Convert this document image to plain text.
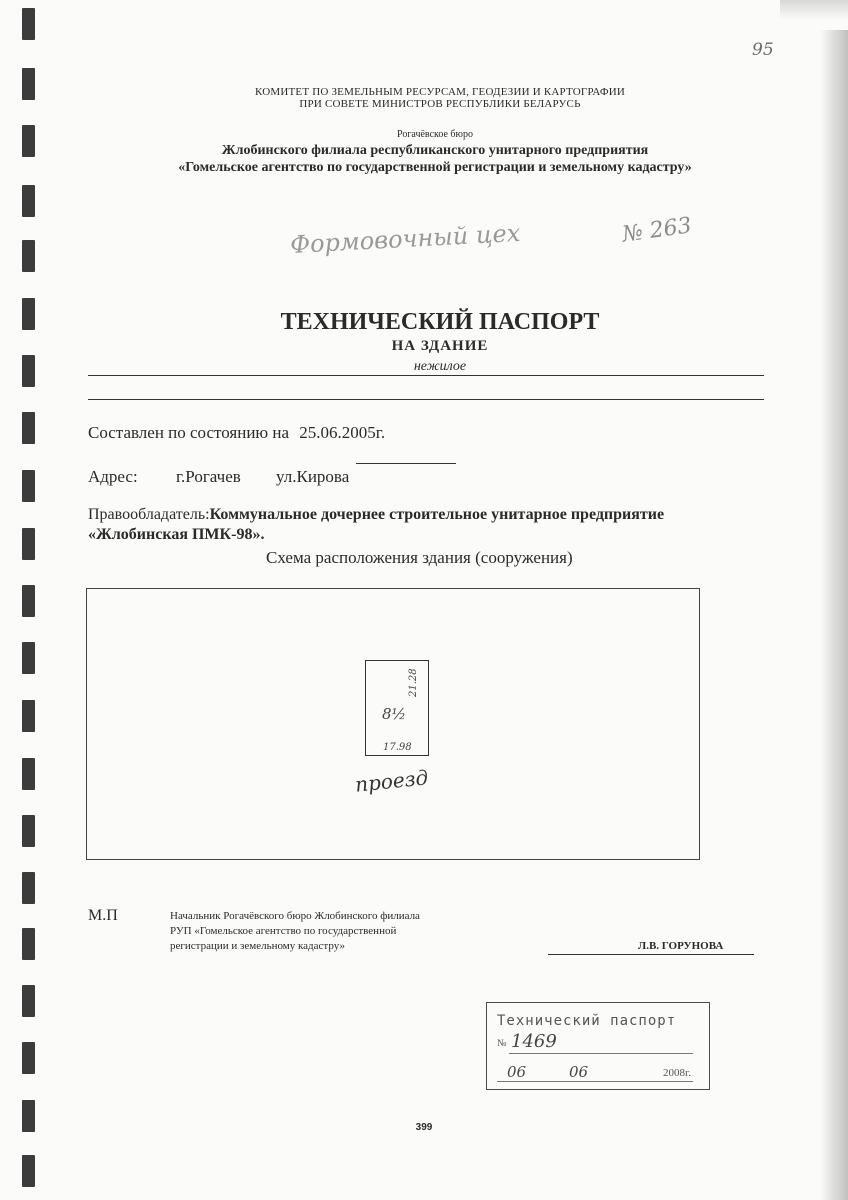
95
КОМИТЕТ ПО ЗЕМЕЛЬНЫМ РЕСУРСАМ, ГЕОДЕЗИИ И КАРТОГРАФИИ
ПРИ СОВЕТЕ МИНИСТРОВ РЕСПУБЛИКИ БЕЛАРУСЬ
Рогачёвское бюро
Жлобинского филиала республиканского унитарного предприятия
«Гомельское агентство по государственной регистрации и земельному кадастру»
Формовочный цех	№ 263
ТЕХНИЧЕСКИЙ ПАСПОРТ
НА ЗДАНИЕ
нежилое
Составлен по состоянию на 25.06.2005г.
Адрес: г.Рогачев ул.Кирова
Правообладатель:Коммунальное дочернее строительное унитарное предприятие
«Жлобинская ПМК-98».
Схема расположения здания (сооружения)
8½
21.28
17.98
проезд
М.П	Начальник Рогачёвского бюро Жлобинского филиала
РУП «Гомельское агентство по государственной
регистрации и земельному кадастру»	Л.В. ГОРУНОВА
Технический паспорт
№ 1469
06	06	2008г.
399
